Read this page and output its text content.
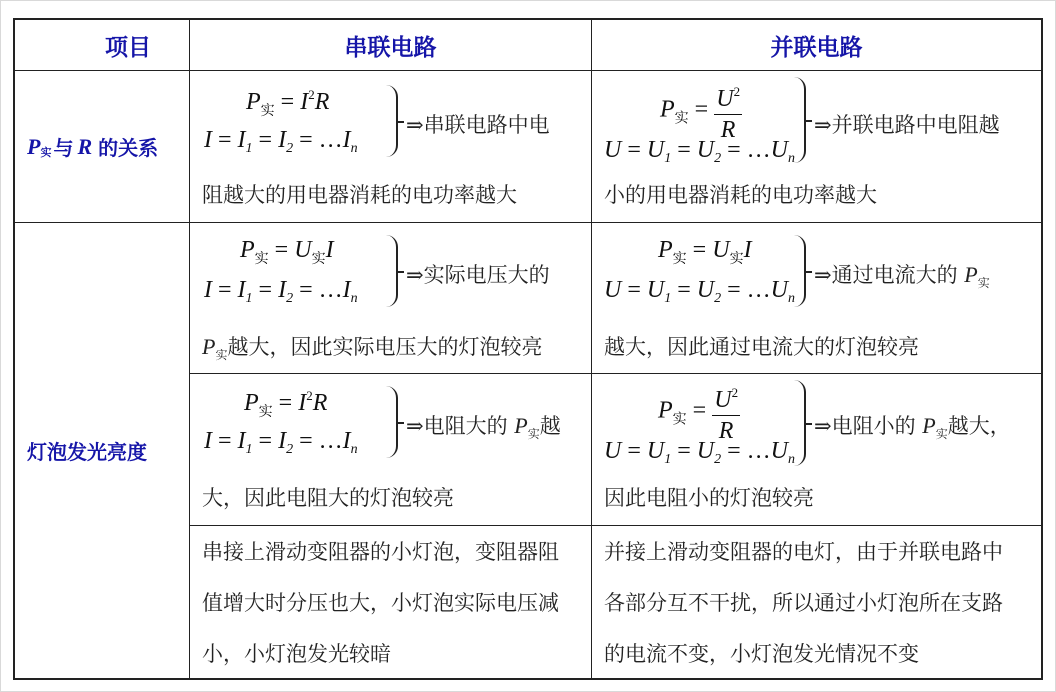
项目	串联电路	并联电路
P 实 与 R 的关系
灯泡发光亮度
$P_实 = I^2R$
$I = I_1 = I_2$ = $\dots I_n$
⇒串联电路中电
阻越大的用电器消耗的电功率越大
$P_实 = \frac{U^2}{R}$
$U = U_1 = U_2$ = $\dots U_n$
⇒并联电路中电阻越
小的用电器消耗的电功率越大
$P_实 = U_实I$
$I = I_1 = I_2$ = $\dots I_n$
⇒实际电压大的
$P_实$越大，因此实际电压大的灯泡较亮
$P_实 = U_实I$
$U = U_1 = U_2$ = $\dots U_n$
⇒通过电流大的 $P_实$
越大，因此通过电流大的灯泡较亮
$P_实 = I^2R$
$I = I_1 = I_2$ = $\dots I_n$
⇒电阻大的 $P_实$越
大，因此电阻大的灯泡较亮
$P_实 = \frac{U^2}{R}$
$U = U_1 = U_2$ = $\dots U_n$
⇒电阻小的 $P_实$越大，
因此电阻小的灯泡较亮
串接上滑动变阻器的小灯泡，变阻器阻
值增大时分压也大，小灯泡实际电压减
小，小灯泡发光较暗
并接上滑动变阻器的电灯，由于并联电路中
各部分互不干扰，所以通过小灯泡所在支路
的电流不变，小灯泡发光情况不变
